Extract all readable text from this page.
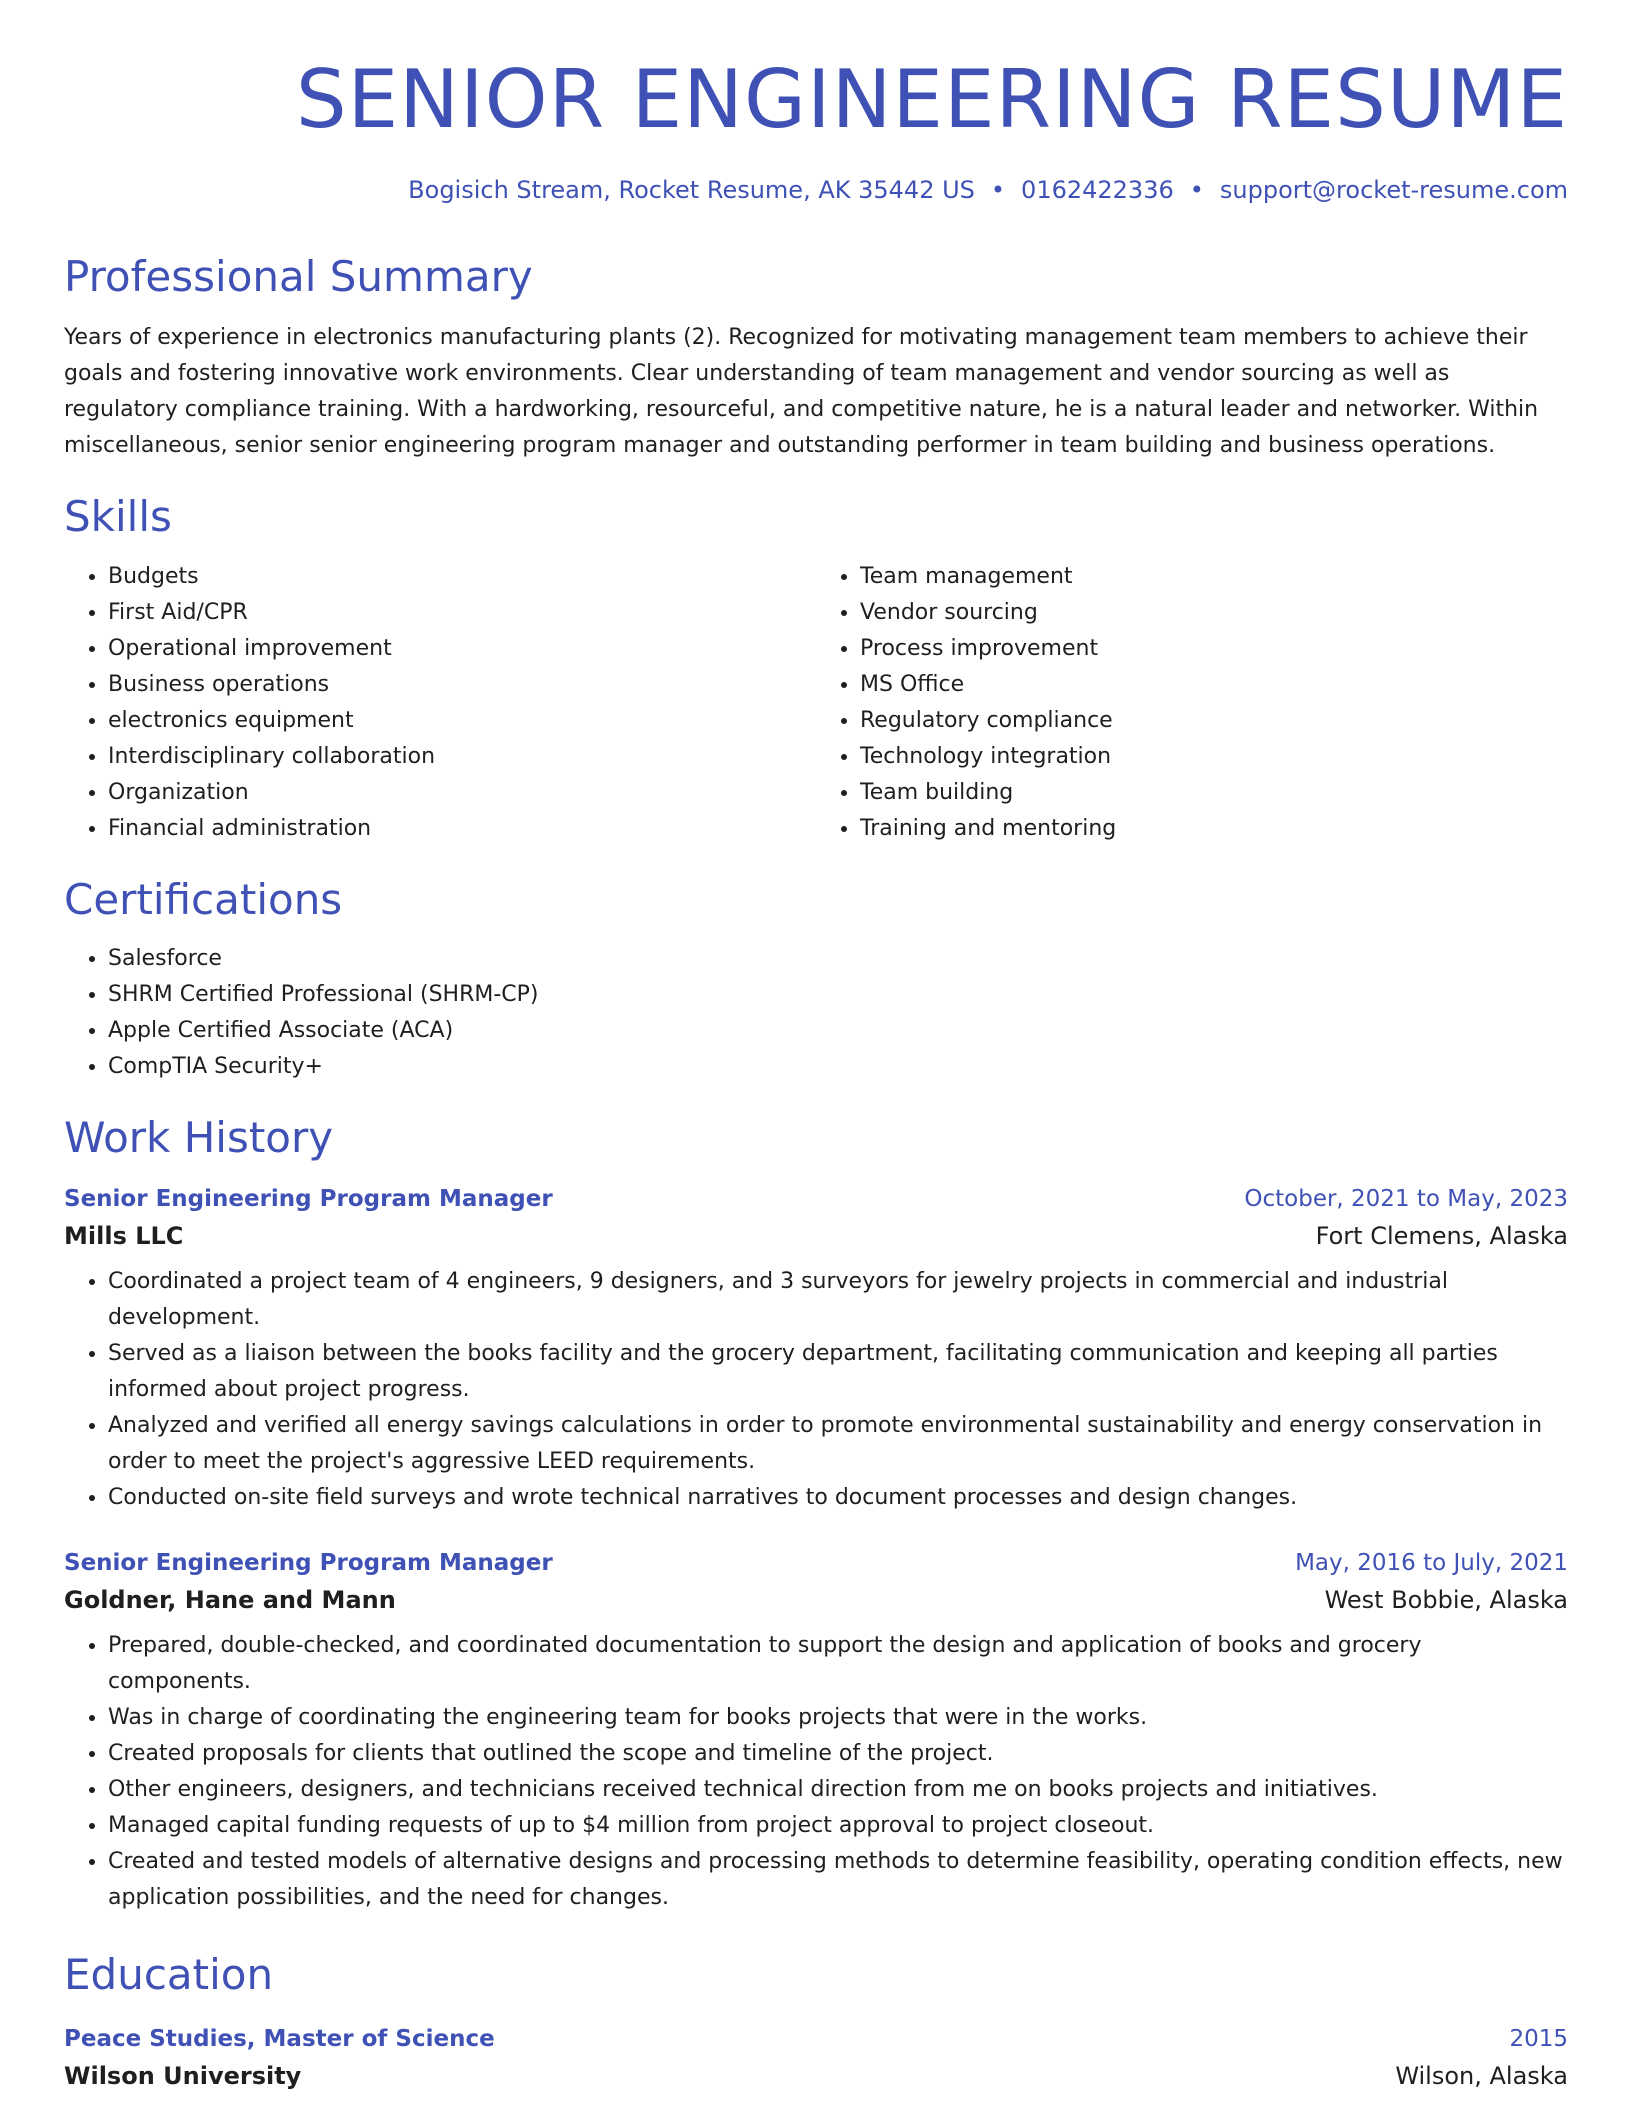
SENIOR ENGINEERING RESUME
Bogisich Stream, Rocket Resume, AK 35442 US • 0162422336 • support@rocket-resume.com
Professional Summary

Years of experience in electronics manufacturing plants (2). Recognized for motivating management team members to achieve their goals and fostering innovative work environments. Clear understanding of team management and vendor sourcing as well as regulatory compliance training. With a hardworking, resourceful, and competitive nature, he is a natural leader and networker. Within miscellaneous, senior senior engineering program manager and outstanding performer in team building and business operations.

Skills
• Budgets
• First Aid/CPR
• Operational improvement
• Business operations
• electronics equipment
• Interdisciplinary collaboration
• Organization
• Financial administration
• Team management
• Vendor sourcing
• Process improvement
• MS Office
• Regulatory compliance
• Technology integration
• Team building
• Training and mentoring
Certifications
• Salesforce
• SHRM Certified Professional (SHRM-CP)
• Apple Certified Associate (ACA)
• CompTIA Security+
Work History
Senior Engineering Program Manager	October, 2021 to May, 2023
Mills LLC	Fort Clemens, Alaska
• Coordinated a project team of 4 engineers, 9 designers, and 3 surveyors for jewelry projects in commercial and industrial development.
• Served as a liaison between the books facility and the grocery department, facilitating communication and keeping all parties informed about project progress.
• Analyzed and verified all energy savings calculations in order to promote environmental sustainability and energy conservation in order to meet the project's aggressive LEED requirements.
• Conducted on-site field surveys and wrote technical narratives to document processes and design changes.
Senior Engineering Program Manager	May, 2016 to July, 2021
Goldner, Hane and Mann	West Bobbie, Alaska
• Prepared, double-checked, and coordinated documentation to support the design and application of books and grocery components.
• Was in charge of coordinating the engineering team for books projects that were in the works.
• Created proposals for clients that outlined the scope and timeline of the project.
• Other engineers, designers, and technicians received technical direction from me on books projects and initiatives.
• Managed capital funding requests of up to $4 million from project approval to project closeout.
• Created and tested models of alternative designs and processing methods to determine feasibility, operating condition effects, new application possibilities, and the need for changes.
Education
Peace Studies, Master of Science	2015
Wilson University	Wilson, Alaska
